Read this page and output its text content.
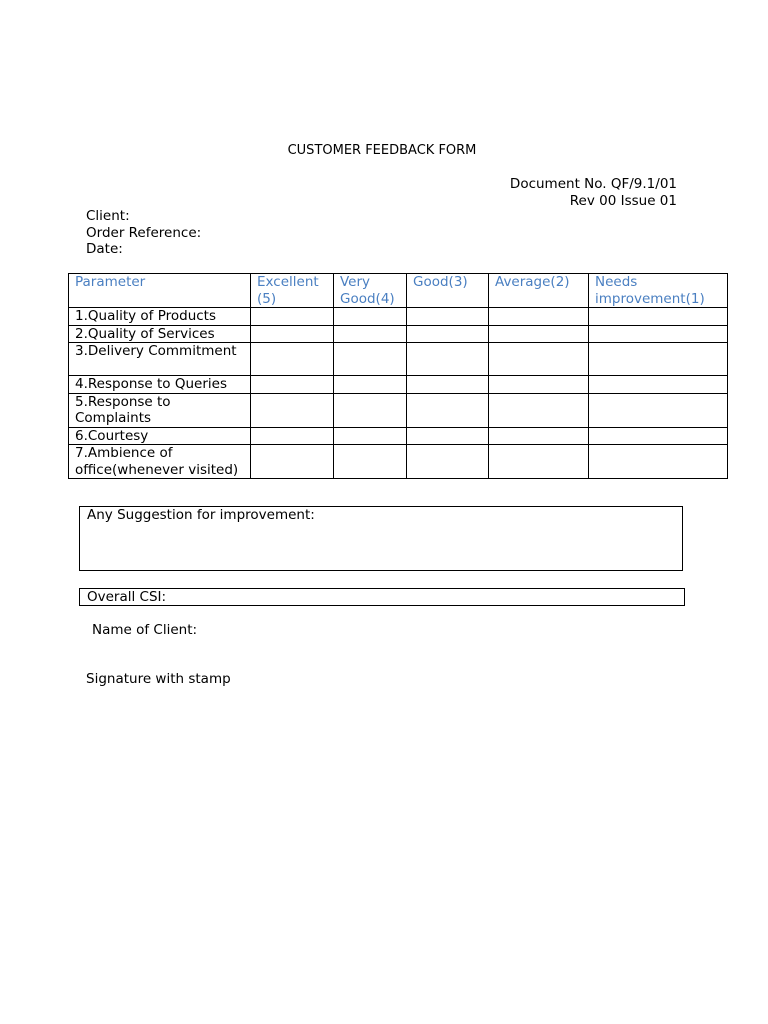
CUSTOMER FEEDBACK FORM
Document No. QF/9.1/01
Rev 00 Issue 01
Client:
Order Reference:
Date:
Parameter	Excellent (5)	Very Good(4)	Good(3)	Average(2)	Needs improvement(1)
1.Quality of Products					
2.Quality of Services					
3.Delivery Commitment					
4.Response to Queries					
5.Response to Complaints					
6.Courtesy					
7.Ambience of office(whenever visited)					
Any Suggestion for improvement:
Overall CSI:
Name of Client:
Signature with stamp
